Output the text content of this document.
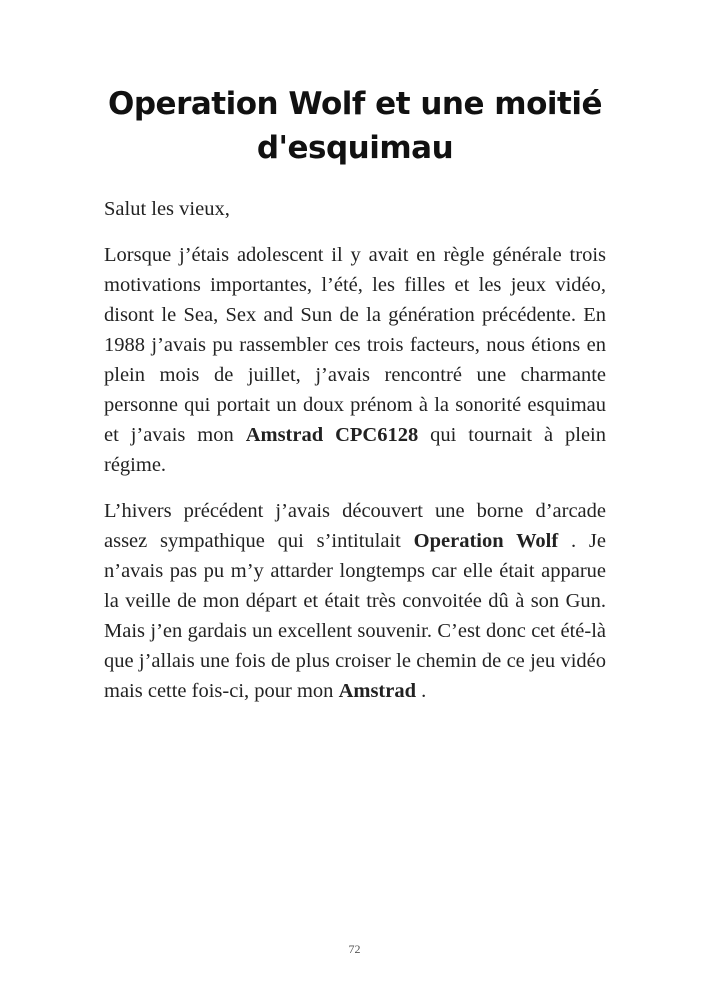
Operation Wolf et une moitié d'esquimau

Salut les vieux,

Lorsque j’étais adolescent il y avait en règle générale trois motivations importantes, l’été, les filles et les jeux vidéo, disont le Sea, Sex and Sun de la génération précédente. En 1988 j’avais pu rassembler ces trois facteurs, nous étions en plein mois de juillet, j’avais rencontré une charmante personne qui portait un doux prénom à la sonorité esquimau et j’avais mon Amstrad CPC6128 qui tournait à plein régime.

L’hivers précédent j’avais découvert une borne d’arcade assez sympathique qui s’intitulait Operation Wolf . Je n’avais pas pu m’y attarder longtemps car elle était apparue la veille de mon départ et était très convoitée dû à son Gun. Mais j’en gardais un excellent souvenir. C’est donc cet été-là que j’allais une fois de plus croiser le chemin de ce jeu vidéo mais cette fois-ci, pour mon Amstrad .

72
